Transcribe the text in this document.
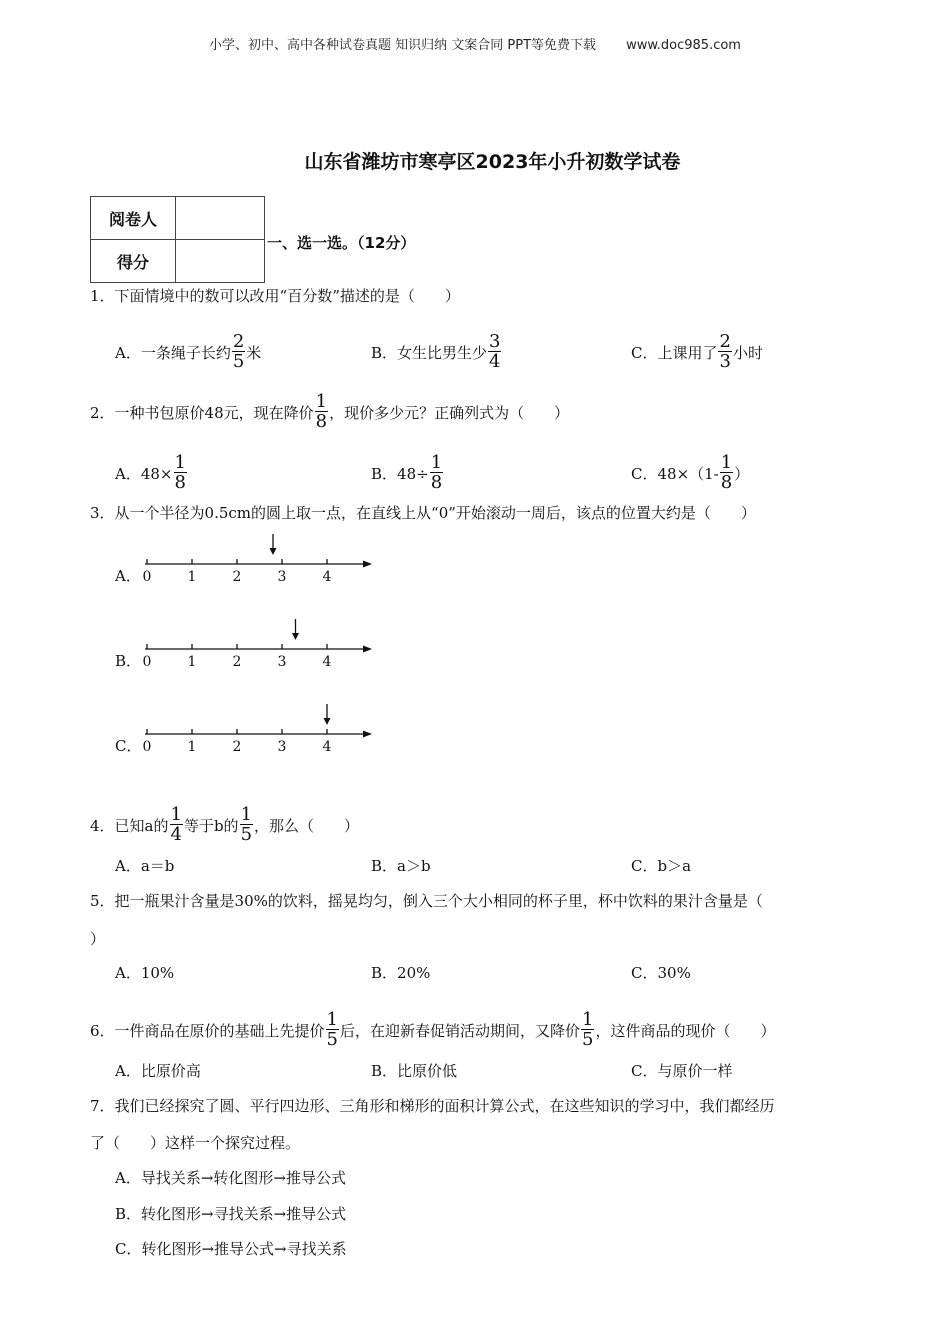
小学、初中、高中各种试卷真题 知识归纳 文案合同 PPT等免费下载 www.doc985.com
山东省潍坊市寒亭区2023年小升初数学试卷
阅卷人	
得分	
一、选一选。（12分）
1．下面情境中的数可以改用“百分数”描述的是（　　）
A．一条绳子长约 $\frac{2}{5}$ 米	B．女生比男生少 $\frac{3}{4}$	C．上课用了 $\frac{2}{3}$ 小时
2．一种书包原价48元，现在降价 $\frac{1}{8}$ ，现价多少元？正确列式为（　　）
A．$48\times \frac{1}{8}$	B．$48\div \frac{1}{8}$	C．$48\times(1- \frac{1}{8}$ ）
3．从一个半径为0.5cm的圆上取一点，在直线上从“0”开始滚动一周后，该点的位置大约是（　　）
A． 0	1	2	3	4
B． 0	1	2	3	4
C． 0	1	2	3	4
4．已知a的 $\frac{1}{4}$ 等于b的 $\frac{1}{5}$ ，那么（　　）
A．a＝b	B．a＞b	C．b＞a
5．把一瓶果汁含量是30%的饮料，摇晃均匀，倒入三个大小相同的杯子里，杯中饮料的果汁含量是（
）
A．10%	B．20%	C．30%
6．一件商品在原价的基础上先提价 $\frac{1}{5}$ 后，在迎新春促销活动期间，又降价 $\frac{1}{5}$ ，这件商品的现价（　　）
A．比原价高	B．比原价低	C．与原价一样
7．我们已经探究了圆、平行四边形、三角形和梯形的面积计算公式，在这些知识的学习中，我们都经历
了（　　）这样一个探究过程。
A．导找关系→转化图形→推导公式
B．转化图形→寻找关系→推导公式
C．转化图形→推导公式→寻找关系
